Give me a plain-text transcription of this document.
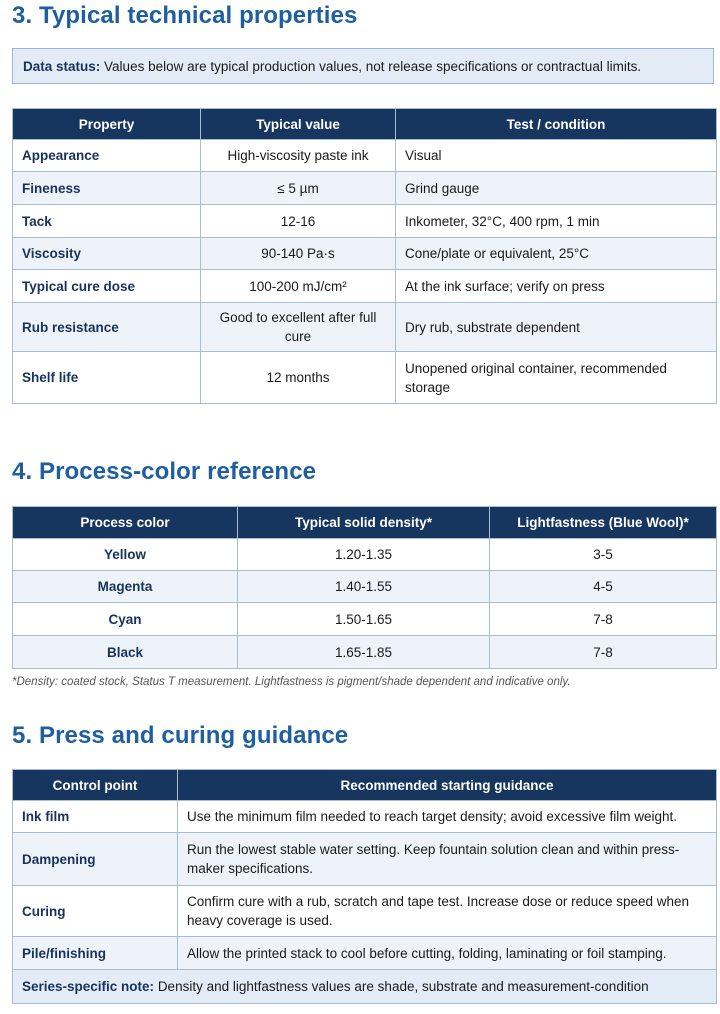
3. Typical technical properties
Data status: Values below are typical production values, not release specifications or contractual limits.
Property	Typical value	Test / condition
Appearance	High-viscosity paste ink	Visual
Fineness	≤ 5 µm	Grind gauge
Tack	12-16	Inkometer, 32°C, 400 rpm, 1 min
Viscosity	90-140 Pa·s	Cone/plate or equivalent, 25°C
Typical cure dose	100-200 mJ/cm²	At the ink surface; verify on press
Rub resistance	Good to excellent after full cure	Dry rub, substrate dependent
Shelf life	12 months	Unopened original container, recommended storage
4. Process-color reference
Process color	Typical solid density*	Lightfastness (Blue Wool)*
Yellow	1.20-1.35	3-5
Magenta	1.40-1.55	4-5
Cyan	1.50-1.65	7-8
Black	1.65-1.85	7-8
*Density: coated stock, Status T measurement. Lightfastness is pigment/shade dependent and indicative only.
5. Press and curing guidance
Control point	Recommended starting guidance
Ink film	Use the minimum film needed to reach target density; avoid excessive film weight.
Dampening	Run the lowest stable water setting. Keep fountain solution clean and within press-maker specifications.
Curing	Confirm cure with a rub, scratch and tape test. Increase dose or reduce speed when heavy coverage is used.
Pile/finishing	Allow the printed stack to cool before cutting, folding, laminating or foil stamping.
Series-specific note: Density and lightfastness values are shade, substrate and measurement-condition	
